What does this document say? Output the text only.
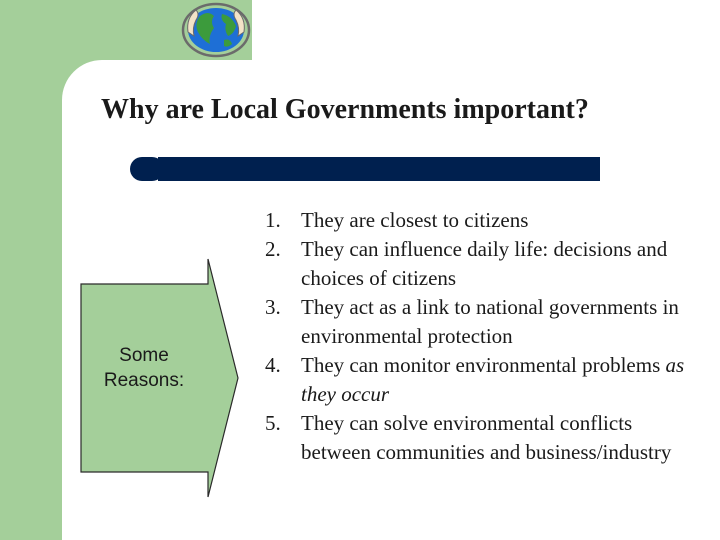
Why are Local Governments important?
Some
Reasons:
1. They are closest to citizens
2. They can influence daily life: decisions and choices of citizens
3. They act as a link to national governments in environmental protection
4. They can monitor environmental problems as they occur
5. They can solve environmental conflicts between communities and business/industry
